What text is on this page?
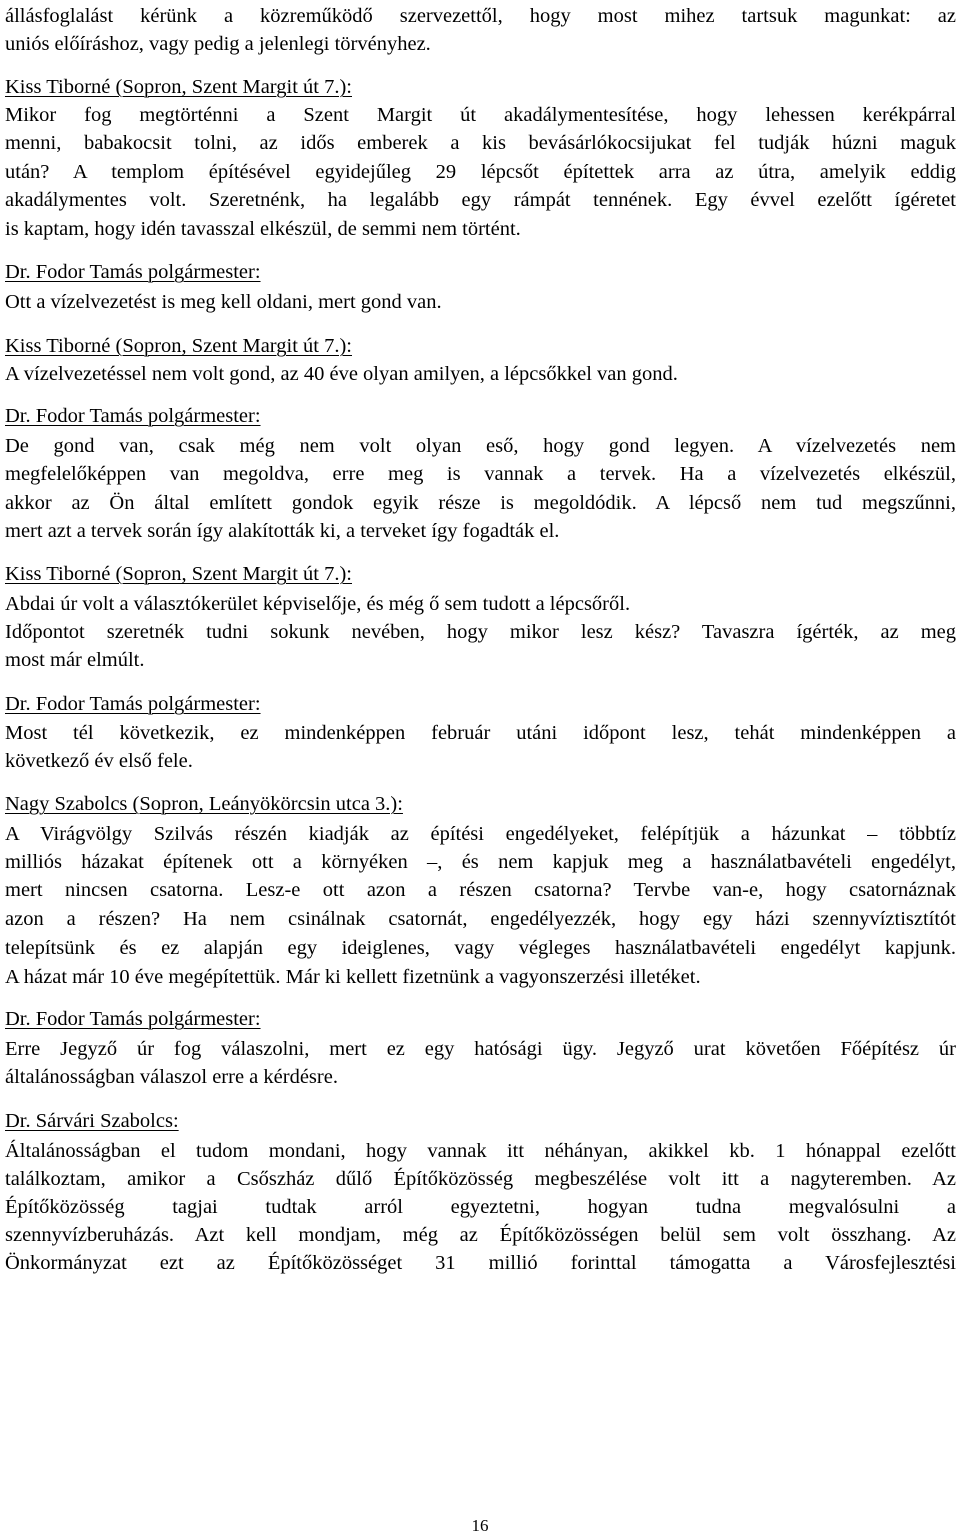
állásfoglalást kérünk a közreműködő szervezettől, hogy most mihez tartsuk magunkat: az
uniós előíráshoz, vagy pedig a jelenlegi törvényhez.
Kiss Tiborné (Sopron, Szent Margit út 7.):
Mikor fog megtörténni a Szent Margit út akadálymentesítése, hogy lehessen kerékpárral
menni, babakocsit tolni, az idős emberek a kis bevásárlókocsijukat fel tudják húzni maguk
után? A templom építésével egyidejűleg 29 lépcsőt építettek arra az útra, amelyik eddig
akadálymentes volt. Szeretnénk, ha legalább egy rámpát tennének. Egy évvel ezelőtt ígéretet
is kaptam, hogy idén tavasszal elkészül, de semmi nem történt.
Dr. Fodor Tamás polgármester:
Ott a vízelvezetést is meg kell oldani, mert gond van.
Kiss Tiborné (Sopron, Szent Margit út 7.):
A vízelvezetéssel nem volt gond, az 40 éve olyan amilyen, a lépcsőkkel van gond.
Dr. Fodor Tamás polgármester:
De gond van, csak még nem volt olyan eső, hogy gond legyen. A vízelvezetés nem
megfelelőképpen van megoldva, erre meg is vannak a tervek. Ha a vízelvezetés elkészül,
akkor az Ön által említett gondok egyik része is megoldódik. A lépcső nem tud megszűnni,
mert azt a tervek során így alakították ki, a terveket így fogadták el.
Kiss Tiborné (Sopron, Szent Margit út 7.):
Abdai úr volt a választókerület képviselője, és még ő sem tudott a lépcsőről.
Időpontot szeretnék tudni sokunk nevében, hogy mikor lesz kész? Tavaszra ígérték, az meg
most már elmúlt.
Dr. Fodor Tamás polgármester:
Most tél következik, ez mindenképpen február utáni időpont lesz, tehát mindenképpen a
következő év első fele.
Nagy Szabolcs (Sopron, Leányökörcsin utca 3.):
A Virágvölgy Szilvás részén kiadják az építési engedélyeket, felépítjük a házunkat – többtíz
milliós házakat építenek ott a környéken –, és nem kapjuk meg a használatbavételi engedélyt,
mert nincsen csatorna. Lesz-e ott azon a részen csatorna? Tervbe van-e, hogy csatornáznak
azon a részen? Ha nem csinálnak csatornát, engedélyezzék, hogy egy házi szennyvíztisztítót
telepítsünk és ez alapján egy ideiglenes, vagy végleges használatbavételi engedélyt kapjunk.
A házat már 10 éve megépítettük. Már ki kellett fizetnünk a vagyonszerzési illetéket.
Dr. Fodor Tamás polgármester:
Erre Jegyző úr fog válaszolni, mert ez egy hatósági ügy. Jegyző urat követően Főépítész úr
általánosságban válaszol erre a kérdésre.
Dr. Sárvári Szabolcs:
Általánosságban el tudom mondani, hogy vannak itt néhányan, akikkel kb. 1 hónappal ezelőtt
találkoztam, amikor a Csőszház dűlő Építőközösség megbeszélése volt itt a nagyteremben. Az
Építőközösség tagjai tudtak arról egyeztetni, hogyan tudna megvalósulni a
szennyvízberuházás. Azt kell mondjam, még az Építőközösségen belül sem volt összhang. Az
Önkormányzat ezt az Építőközösséget 31 millió forinttal támogatta a Városfejlesztési
16
